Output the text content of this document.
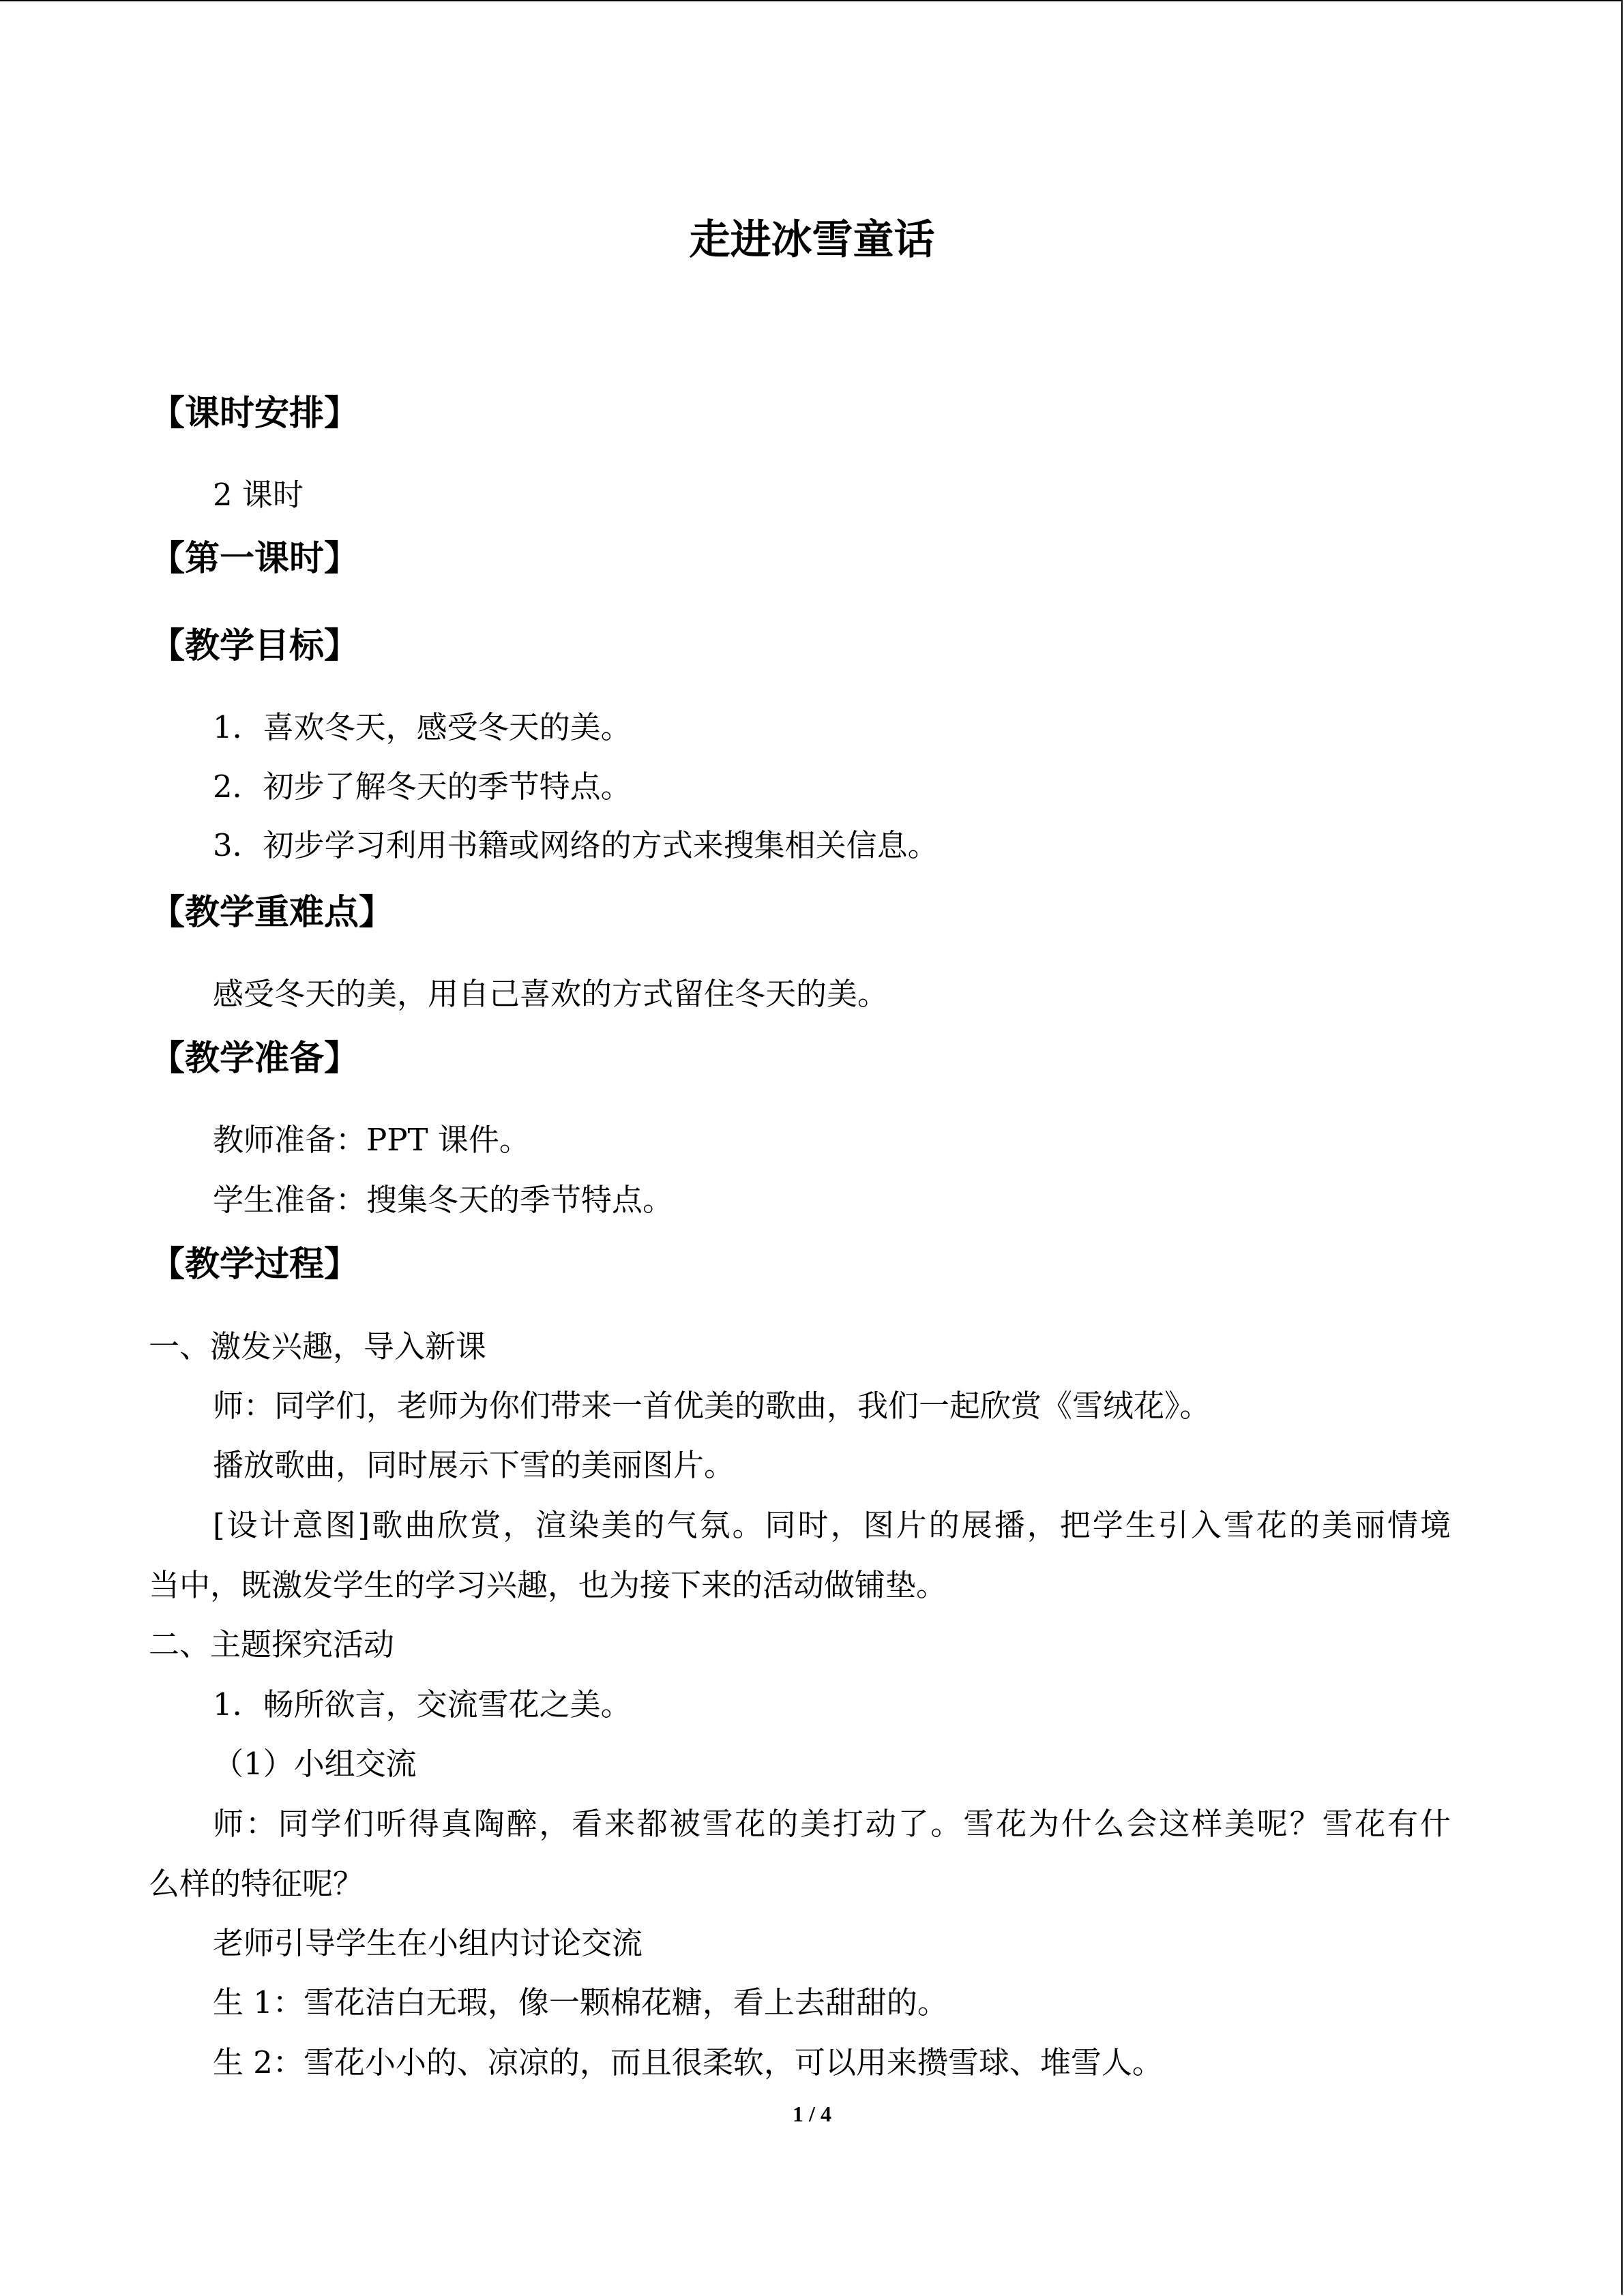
走进冰雪童话
【课时安排】
2 课时
【第一课时】
【教学目标】
1．喜欢冬天，感受冬天的美。
2．初步了解冬天的季节特点。
3．初步学习利用书籍或网络的方式来搜集相关信息。
【教学重难点】
感受冬天的美，用自己喜欢的方式留住冬天的美。
【教学准备】
教师准备：PPT 课件。
学生准备：搜集冬天的季节特点。
【教学过程】
一、激发兴趣，导入新课
师：同学们，老师为你们带来一首优美的歌曲，我们一起欣赏《雪绒花》。
播放歌曲，同时展示下雪的美丽图片。
[设计意图]歌曲欣赏，渲染美的气氛。同时，图片的展播，把学生引入雪花的美丽情境
当中，既激发学生的学习兴趣，也为接下来的活动做铺垫。
二、主题探究活动
1．畅所欲言，交流雪花之美。
（1）小组交流
师：同学们听得真陶醉，看来都被雪花的美打动了。雪花为什么会这样美呢？雪花有什
么样的特征呢？
老师引导学生在小组内讨论交流
生 1：雪花洁白无瑕，像一颗棉花糖，看上去甜甜的。
生 2：雪花小小的、凉凉的，而且很柔软，可以用来攒雪球、堆雪人。
1 / 4
